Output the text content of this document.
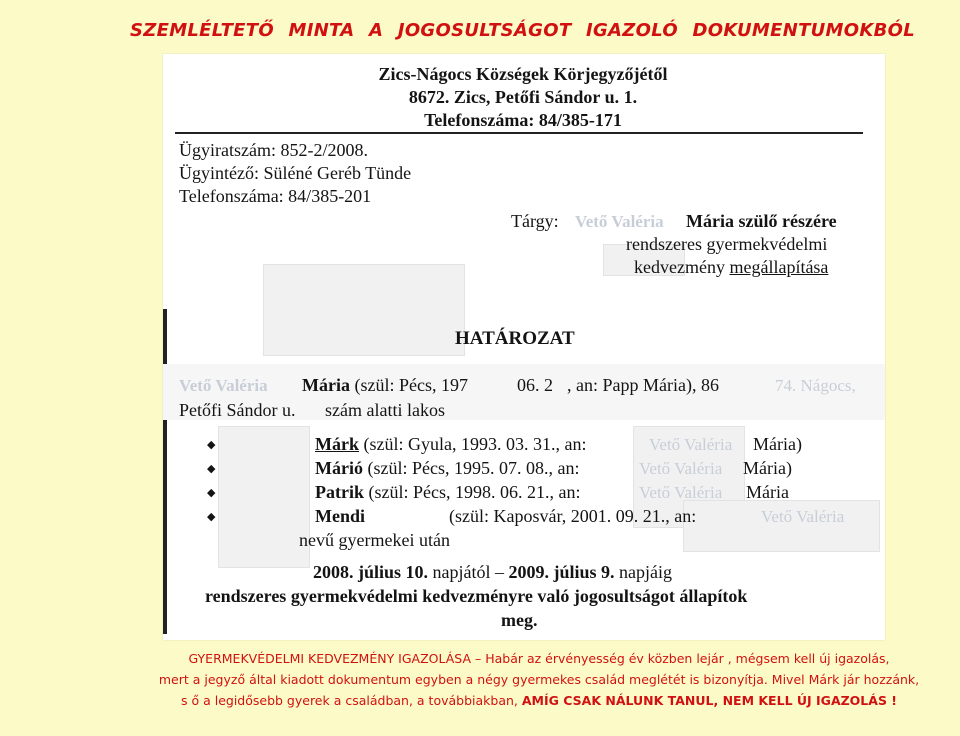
SZEMLÉLTETŐ MINTA A JOGOSULTSÁGOT IGAZOLÓ DOKUMENTUMOKBÓL
Zics-Nágocs Községek Körjegyzőjétől
8672. Zics, Petőfi Sándor u. 1.
Telefonszáma: 84/385-171
Ügyiratszám: 852-2/2008.
Ügyintéző: Süléné Geréb Tünde
Telefonszáma: 84/385-201
Tárgy: Vető Valéria Mária szülő részére
rendszeres gyermekvédelmi
kedvezmény megállapítása
HATÁROZAT
Vető Valéria Mária (szül: Pécs, 197	06. 2 , an: Papp Mária), 86	74. Nágocs,
Petőfi Sándor u. szám alatti lakos
◆	Márk (szül: Gyula, 1993. 03. 31., an:	Vető Valéria Mária)
◆	Márió (szül: Pécs, 1995. 07. 08., an:	Vető Valéria Mária)
◆	Patrik (szül: Pécs, 1998. 06. 21., an:	Vető Valéria Mária
◆	Mendi	(szül: Kaposvár, 2001. 09. 21., an:	Vető Valéria
nevű gyermekei után
2008. július 10. napjától – 2009. július 9. napjáig
rendszeres gyermekvédelmi kedvezményre való jogosultságot állapítok
meg.
GYERMEKVÉDELMI KEDVEZMÉNY IGAZOLÁSA – Habár az érvényesség év közben lejár , mégsem kell új igazolás,
mert a jegyző által kiadott dokumentum egyben a négy gyermekes család meglétét is bizonyítja. Mivel Márk jár hozzánk,
s ő a legidősebb gyerek a családban, a továbbiakban, AMÍG CSAK NÁLUNK TANUL, NEM KELL ÚJ IGAZOLÁS !
